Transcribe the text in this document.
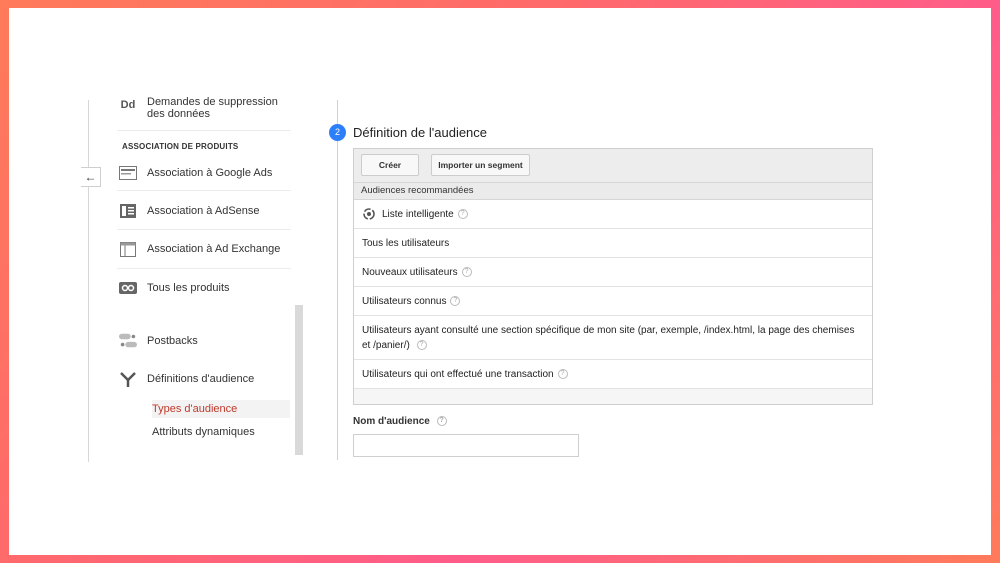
←
Dd Demandes de suppression
des données
ASSOCIATION DE PRODUITS
Association à Google Ads
Association à AdSense
Association à Ad Exchange
Tous les produits
Postbacks
Définitions d'audience
Types d'audience
Attributs dynamiques
2	Définition de l'audience
Créer	Importer un segment
Audiences recommandées
Liste intelligente	?
Tous les utilisateurs
Nouveaux utilisateurs	?
Utilisateurs connus	?
Utilisateurs ayant consulté une section spécifique de mon site (par, exemple, /index.html, la page des chemises et /panier/) ?
Utilisateurs qui ont effectué une transaction	?
Nom d'audience ?
